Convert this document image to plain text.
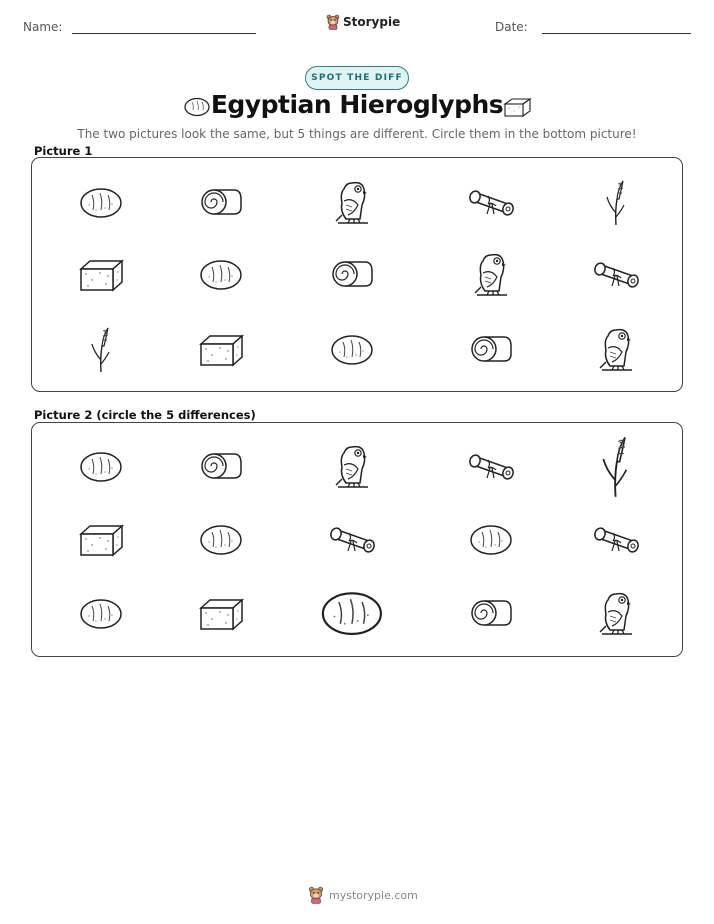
Name:	Storypie	Date:
SPOT THE DIFF
Egyptian Hieroglyphs
The two pictures look the same, but 5 things are different. Circle them in the bottom picture!
Picture 1
Picture 2 (circle the 5 differences)
mystorypie.com
